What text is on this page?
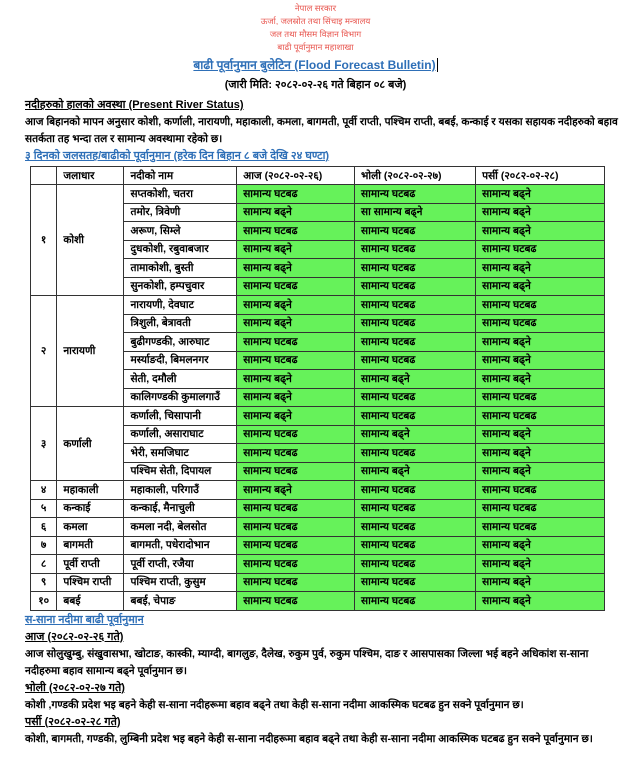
नेपाल सरकार
ऊर्जा, जलस्रोत तथा सिंचाइ मन्त्रालय
जल तथा मौसम विज्ञान विभाग
बाढी पूर्वानुमान महाशाखा
बाढी पूर्वानुमान बुलेटिन (Flood Forecast Bulletin)
(जारी मिति: २०८२-०२-२६ गते बिहान ०८ बजे)
नदीहरुको हालको अवस्था (Present River Status)

आज बिहानको मापन अनुसार कोशी, कर्णाली, नारायणी, महाकाली, कमला, बागमती, पूर्वी राप्ती, पश्चिम राप्ती, बबई, कन्काई र यसका सहायक नदीहरुको बहाव सतर्कता तह भन्दा तल र सामान्य अवस्थामा रहेको छ।

३ दिनको जलसतह/बाढीको पूर्वानुमान (हरेक दिन बिहान ८ बजे देखि २४ घण्टा)
	जलाधार	नदीको नाम	आज (२०८२-०२-२६)	भोली (२०८२-०२-२७)	पर्सी (२०८२-०२-२८)
१	कोशी	सप्तकोशी, चतरा	सामान्य घटबढ	सामान्य घटबढ	सामान्य बढ्ने
		तमोर, त्रिवेणी	सामान्य बढ्ने	सा सामान्य बढ्ने	सामान्य बढ्ने
		अरूण, सिम्ले	सामान्य घटबढ	सामान्य घटबढ	सामान्य बढ्ने
		दुधकोशी, रबुवाबजार	सामान्य बढ्ने	सामान्य घटबढ	सामान्य घटबढ
		तामाकोशी, बुस्ती	सामान्य बढ्ने	सामान्य घटबढ	सामान्य बढ्ने
		सुनकोशी, हम्पचुवार	सामान्य घटबढ	सामान्य घटबढ	सामान्य बढ्ने
२	नारायणी	नारायणी, देवघाट	सामान्य बढ्ने	सामान्य घटबढ	सामान्य घटबढ
		त्रिशुली, बेत्रावती	सामान्य बढ्ने	सामान्य घटबढ	सामान्य घटबढ
		बुढीगण्डकी, आरुघाट	सामान्य घटबढ	सामान्य घटबढ	सामान्य बढ्ने
		मर्स्याङदी, बिमलनगर	सामान्य घटबढ	सामान्य घटबढ	सामान्य बढ्ने
		सेती, दमौली	सामान्य बढ्ने	सामान्य बढ्ने	सामान्य बढ्ने
		कालिगण्डकी कुमालगाउँ	सामान्य बढ्ने	सामान्य घटबढ	सामान्य घटबढ
३	कर्णाली	कर्णाली, चिसापानी	सामान्य बढ्ने	सामान्य घटबढ	सामान्य घटबढ
		कर्णाली, असाराघाट	सामान्य घटबढ	सामान्य बढ्ने	सामान्य बढ्ने
		भेरी, समजिघाट	सामान्य घटबढ	सामान्य घटबढ	सामान्य बढ्ने
		पश्चिम सेती, दिपायल	सामान्य घटबढ	सामान्य बढ्ने	सामान्य बढ्ने
४	महाकाली	महाकाली, परिगाउँ	सामान्य बढ्ने	सामान्य घटबढ	सामान्य घटबढ
५	कन्काई	कन्काई, मैनाचुली	सामान्य घटबढ	सामान्य घटबढ	सामान्य घटबढ
६	कमला	कमला नदी, बेलसोत	सामान्य घटबढ	सामान्य घटबढ	सामान्य घटबढ
७	बागमती	बागमती, पधेरादोभान	सामान्य घटबढ	सामान्य घटबढ	सामान्य बढ्ने
८	पूर्वी राप्ती	पूर्वी राप्ती, रजैया	सामान्य घटबढ	सामान्य घटबढ	सामान्य बढ्ने
९	पश्चिम राप्ती	पश्चिम राप्ती, कुसुम	सामान्य घटबढ	सामान्य घटबढ	सामान्य बढ्ने
१०	बबई	बबई, चेपाङ	सामान्य घटबढ	सामान्य घटबढ	सामान्य बढ्ने
स-साना नदीमा बाढी पूर्वानुमान
आज (२०८२-०२-२६ गते)

आज सोलुखुम्बु, संखुवासभा, खोटाङ, कास्की, म्याग्दी, बागलुङ, दैलेख, रुकुम पुर्व, रुकुम पश्चिम, दाङ र आसपासका जिल्ला भई बहने अधिकांश स-साना नदीहरुमा बहाव सामान्य बढ्ने पूर्वानुमान छ।

भोली (२०८२-०२-२७ गते)

कोशी ,गण्डकी प्रदेश भइ बहने केही स-साना नदीहरूमा बहाव बढ्ने तथा केही स-साना नदीमा आकस्मिक घटबढ हुन सक्ने पूर्वानुमान छ।

पर्सी (२०८२-०२-२८ गते)

कोशी, बागमती, गण्डकी, लुम्बिनी प्रदेश भइ बहने केही स-साना नदीहरूमा बहाव बढ्ने तथा केही स-साना नदीमा आकस्मिक घटबढ हुन सक्ने पूर्वानुमान छ।
